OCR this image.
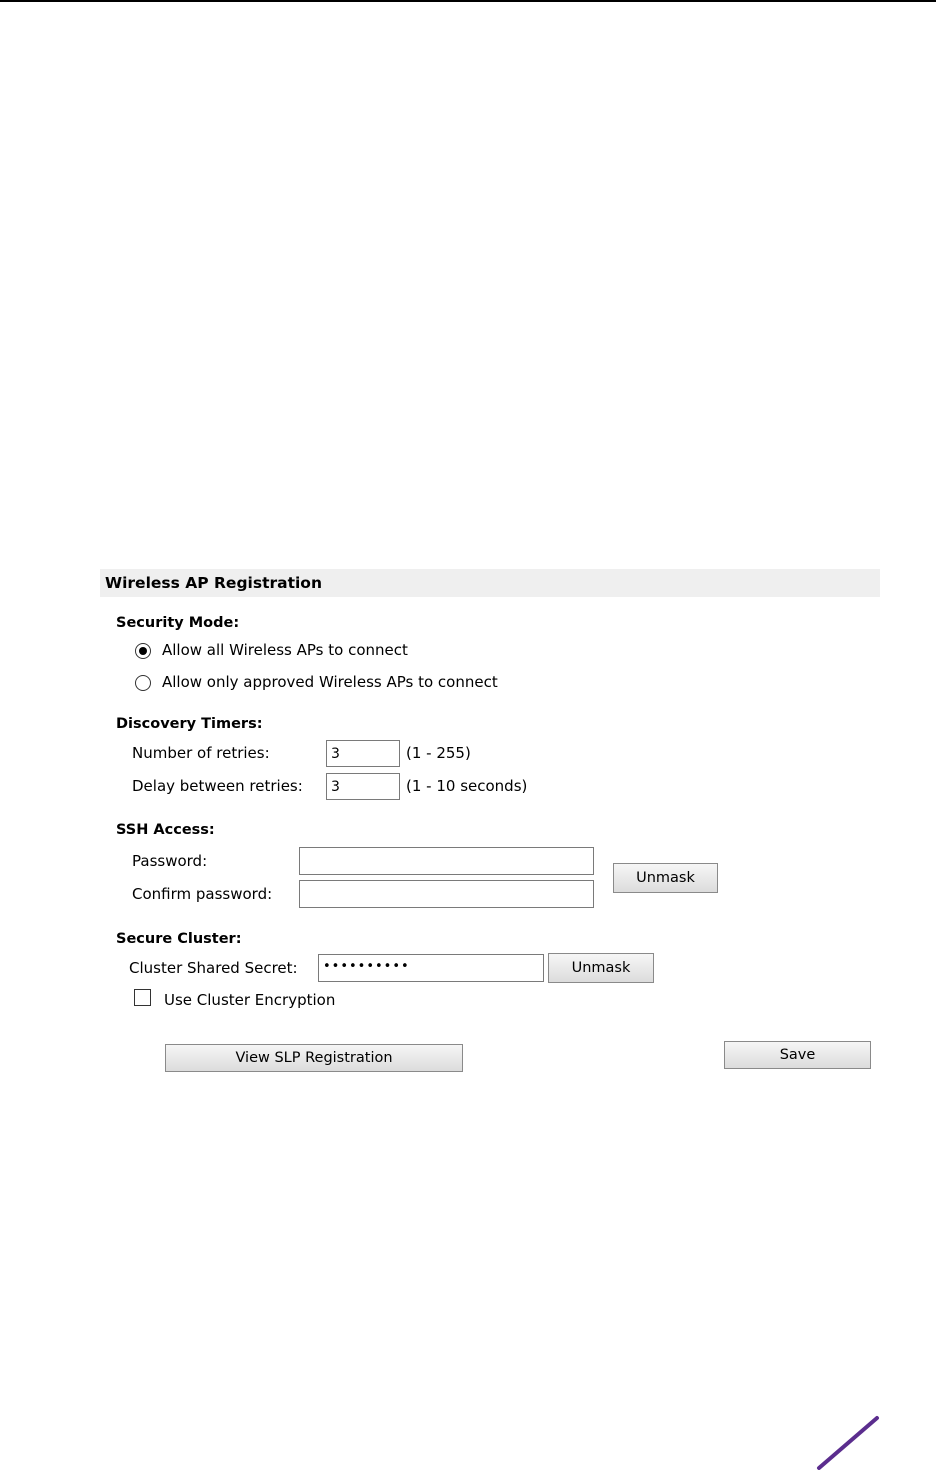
Wireless AP Registration
Security Mode:
Allow all Wireless APs to connect
Allow only approved Wireless APs to connect
Discovery Timers:
Number of retries:
3	(1 - 255)
Delay between retries:
3	(1 - 10 seconds)
SSH Access:
Password:
Confirm password:
Unmask
Secure Cluster:
Cluster Shared Secret:	••••••••••	Unmask
Use Cluster Encryption
View SLP Registration	Save
